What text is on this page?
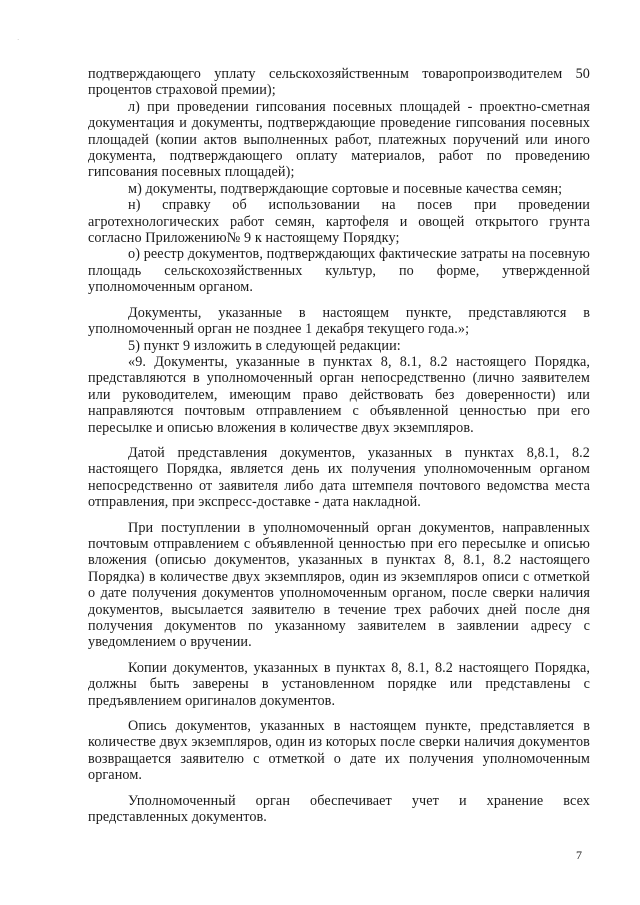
·

подтверждающего уплату сельскохозяйственным товаропроизводителем 50 процентов страховой премии);

л) при проведении гипсования посевных площадей - проектно-сметная документация и документы, подтверждающие проведение гипсования посевных площадей (копии актов выполненных работ, платежных поручений или иного документа, подтверждающего оплату материалов, работ по проведению гипсования посевных площадей);

м) документы, подтверждающие сортовые и посевные качества семян;

н) справку об использовании на посев при проведении агротехнологических работ семян, картофеля и овощей открытого грунта согласно Приложению№ 9 к настоящему Порядку;

о) реестр документов, подтверждающих фактические затраты на посевную площадь сельскохозяйственных культур, по форме, утвержденной уполномоченным органом.

Документы, указанные в настоящем пункте, представляются в уполномоченный орган не позднее 1 декабря текущего года.»;

5) пункт 9 изложить в следующей редакции:

«9. Документы, указанные в пунктах 8, 8.1, 8.2 настоящего Порядка, представляются в уполномоченный орган непосредственно (лично заявителем или руководителем, имеющим право действовать без доверенности) или направляются почтовым отправлением с объявленной ценностью при его пересылке и описью вложения в количестве двух экземпляров.

Датой представления документов, указанных в пунктах 8,8.1, 8.2 настоящего Порядка, является день их получения уполномоченным органом непосредственно от заявителя либо дата штемпеля почтового ведомства места отправления, при экспресс-доставке - дата накладной.

При поступлении в уполномоченный орган документов, направленных почтовым отправлением с объявленной ценностью при его пересылке и описью вложения (описью документов, указанных в пунктах 8, 8.1, 8.2 настоящего Порядка) в количестве двух экземпляров, один из экземпляров описи с отметкой о дате получения документов уполномоченным органом, после сверки наличия документов, высылается заявителю в течение трех рабочих дней после дня получения документов по указанному заявителем в заявлении адресу с уведомлением о вручении.

Копии документов, указанных в пунктах 8, 8.1, 8.2 настоящего Порядка, должны быть заверены в установленном порядке или представлены с предъявлением оригиналов документов.

Опись документов, указанных в настоящем пункте, представляется в количестве двух экземпляров, один из которых после сверки наличия документов возвращается заявителю с отметкой о дате их получения уполномоченным органом.

Уполномоченный орган обеспечивает учет и хранение всех представленных документов.

7
